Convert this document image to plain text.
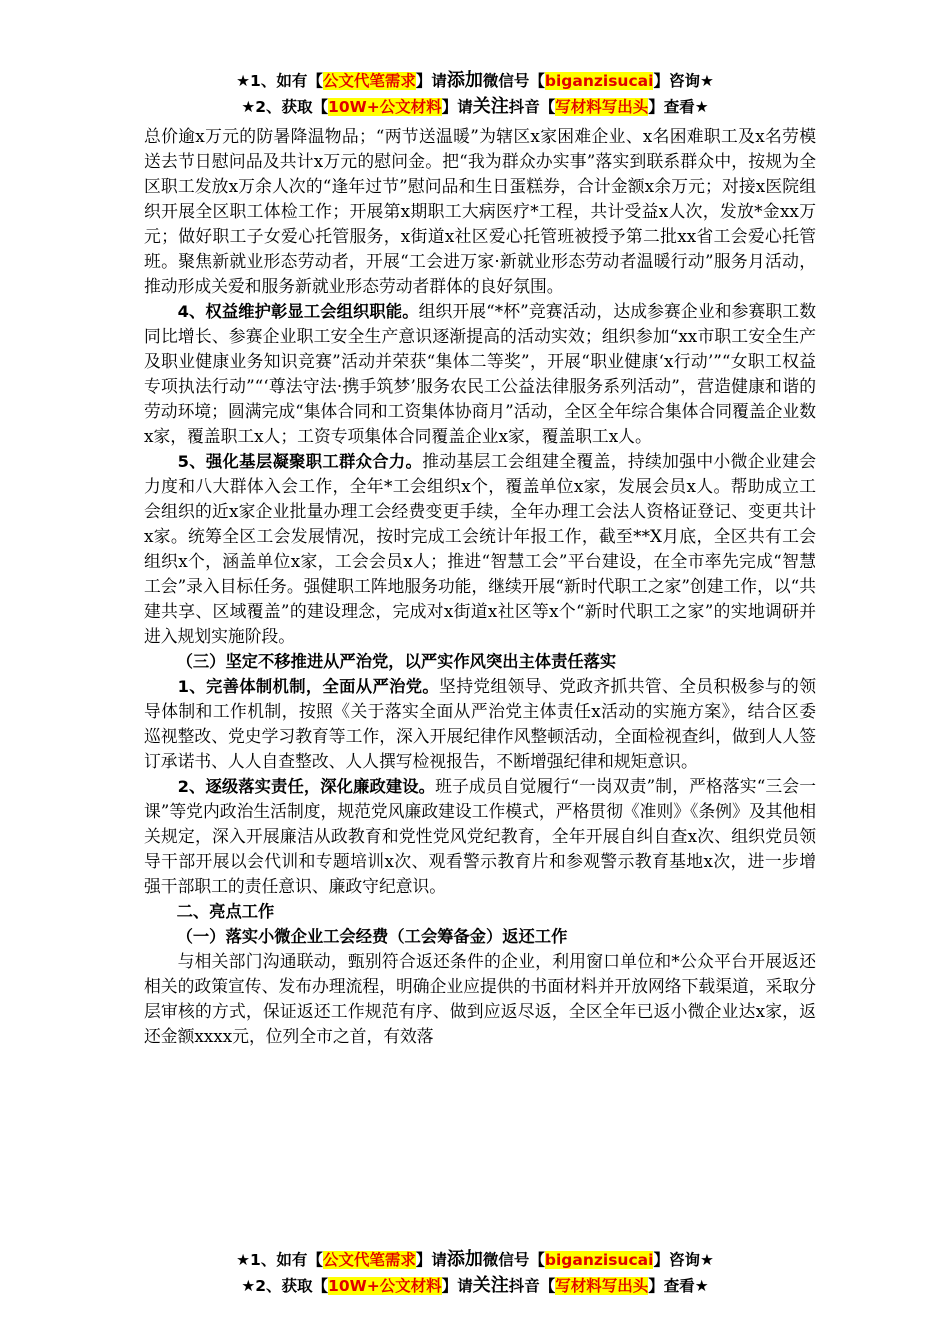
★1、如有【公文代笔需求】请添加微信号【biganzisucai】咨询★
★2、获取【10W+公文材料】请关注抖音【写材料写出头】查看★

总价逾x万元的防暑降温物品；“两节送温暖”为辖区x家困难企业、x名困难职工及x名劳模送去节日慰问品及共计x万元的慰问金。把“我为群众办实事”落实到联系群众中，按规为全区职工发放x万余人次的“逢年过节”慰问品和生日蛋糕券，合计金额x余万元；对接x医院组织开展全区职工体检工作；开展第x期职工大病医疗*工程，共计受益x人次，发放*金xx万元；做好职工子女爱心托管服务，x街道x社区爱心托管班被授予第二批xx省工会爱心托管班。聚焦新就业形态劳动者，开展“工会进万家·新就业形态劳动者温暖行动”服务月活动，推动形成关爱和服务新就业形态劳动者群体的良好氛围。

4、权益维护彰显工会组织职能。组织开展“*杯”竞赛活动，达成参赛企业和参赛职工数同比增长、参赛企业职工安全生产意识逐渐提高的活动实效；组织参加“xx市职工安全生产及职业健康业务知识竞赛”活动并荣获“集体二等奖”，开展“职业健康‘x行动’”“女职工权益专项执法行动”“‘尊法守法·携手筑梦’服务农民工公益法律服务系列活动”，营造健康和谐的劳动环境；圆满完成“集体合同和工资集体协商月”活动，全区全年综合集体合同覆盖企业数x家，覆盖职工x人；工资专项集体合同覆盖企业x家，覆盖职工x人。

5、强化基层凝聚职工群众合力。推动基层工会组建全覆盖，持续加强中小微企业建会力度和八大群体入会工作，全年*工会组织x个，覆盖单位x家，发展会员x人。帮助成立工会组织的近x家企业批量办理工会经费变更手续，全年办理工会法人资格证登记、变更共计x家。统筹全区工会发展情况，按时完成工会统计年报工作，截至**X月底，全区共有工会组织x个，涵盖单位x家，工会会员x人；推进“智慧工会”平台建设，在全市率先完成“智慧工会”录入目标任务。强健职工阵地服务功能，继续开展“新时代职工之家”创建工作，以“共建共享、区域覆盖”的建设理念，完成对x街道x社区等x个“新时代职工之家”的实地调研并进入规划实施阶段。

（三）坚定不移推进从严治党，以严实作风突出主体责任落实

1、完善体制机制，全面从严治党。坚持党组领导、党政齐抓共管、全员积极参与的领导体制和工作机制，按照《关于落实全面从严治党主体责任x活动的实施方案》，结合区委巡视整改、党史学习教育等工作，深入开展纪律作风整顿活动，全面检视查纠，做到人人签订承诺书、人人自查整改、人人撰写检视报告，不断增强纪律和规矩意识。

2、逐级落实责任，深化廉政建设。班子成员自觉履行“一岗双责”制，严格落实“三会一课”等党内政治生活制度，规范党风廉政建设工作模式，严格贯彻《准则》《条例》及其他相关规定，深入开展廉洁从政教育和党性党风党纪教育，全年开展自纠自查x次、组织党员领导干部开展以会代训和专题培训x次、观看警示教育片和参观警示教育基地x次，进一步增强干部职工的责任意识、廉政守纪意识。

二、亮点工作

（一）落实小微企业工会经费（工会筹备金）返还工作

与相关部门沟通联动，甄别符合返还条件的企业，利用窗口单位和*公众平台开展返还相关的政策宣传、发布办理流程，明确企业应提供的书面材料并开放网络下载渠道，采取分层审核的方式，保证返还工作规范有序、做到应返尽返，全区全年已返小微企业达x家，返还金额xxxx元，位列全市之首，有效落

★1、如有【公文代笔需求】请添加微信号【biganzisucai】咨询★
★2、获取【10W+公文材料】请关注抖音【写材料写出头】查看★
